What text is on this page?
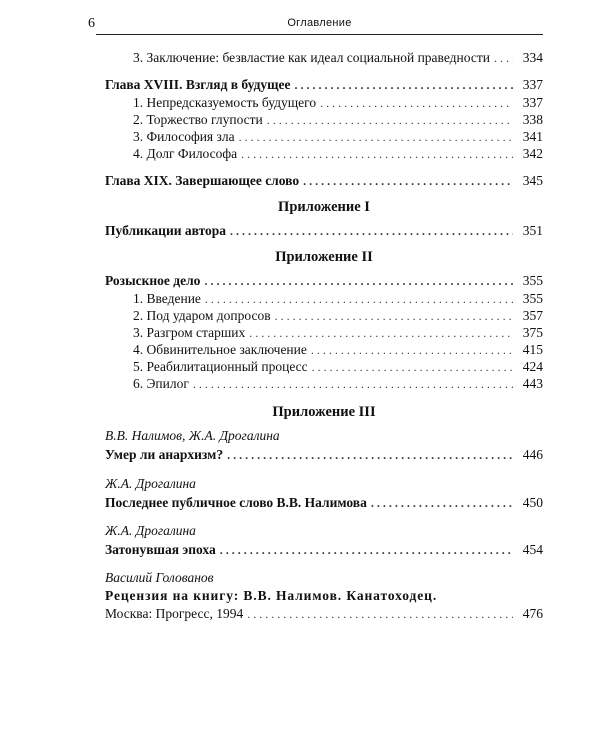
6	Оглавление
3. Заключение: безвластие как идеал социальной праведности . . .	334
Глава XVIII. Взгляд в будущее . . .	337
1. Непредсказуемость будущего . . .	337
2. Торжество глупости . . .	338
3. Философия зла . . .	341
4. Долг Философа . . .	342
Глава XIX. Завершающее слово . . .	345
Приложение I
Публикации автора . . .	351
Приложение II
Розыскное дело . . .	355
1. Введение . . .	355
2. Под ударом допросов . . .	357
3. Разгром старших . . .	375
4. Обвинительное заключение . . .	415
5. Реабилитационный процесс . . .	424
6. Эпилог . . .	443
Приложение III
В.В. Налимов, Ж.А. Дрогалина
Умер ли анархизм? . . .	446
Ж.А. Дрогалина
Последнее публичное слово В.В. Налимова . . .	450
Ж.А. Дрогалина
Затонувшая эпоха . . .	454
Василий Голованов
Рецензия на книгу: В.В. Налимов. Канатоходец.
Москва: Прогресс, 1994 . . .	476
